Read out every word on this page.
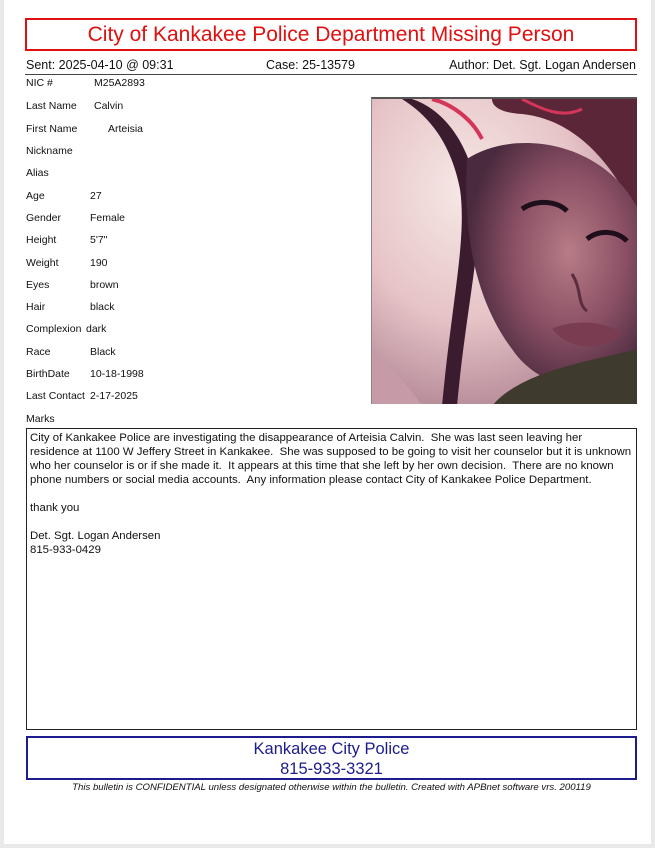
City of Kankakee Police Department Missing Person
Sent: 2025-04-10 @ 09:31	Case: 25-13579	Author: Det. Sgt. Logan Andersen
NIC #	M25A2893
Last Name Calvin
First Name	Arteisia
Nickname
Alias
Age	27
Gender	Female
Height	5'7"
Weight	190
Eyes	brown
Hair	black
Complexion dark
Race	Black
BirthDate 10-18-1998
Last Contact 2-17-2025
Marks

City of Kankakee Police are investigating the disappearance of Arteisia Calvin.  She was last seen leaving her residence at 1100 W Jeffery Street in Kankakee.  She was supposed to be going to visit her counselor but it is unknown who her counselor is or if she made it.  It appears at this time that she left by her own decision.  There are no known phone numbers or social media accounts.  Any information please contact City of Kankakee Police Department.

thank you

Det. Sgt. Logan Andersen

815-933-0429

Kankakee City Police
815-933-3321
This bulletin is CONFIDENTIAL unless designated otherwise within the bulletin. Created with APBnet software vrs. 200119
